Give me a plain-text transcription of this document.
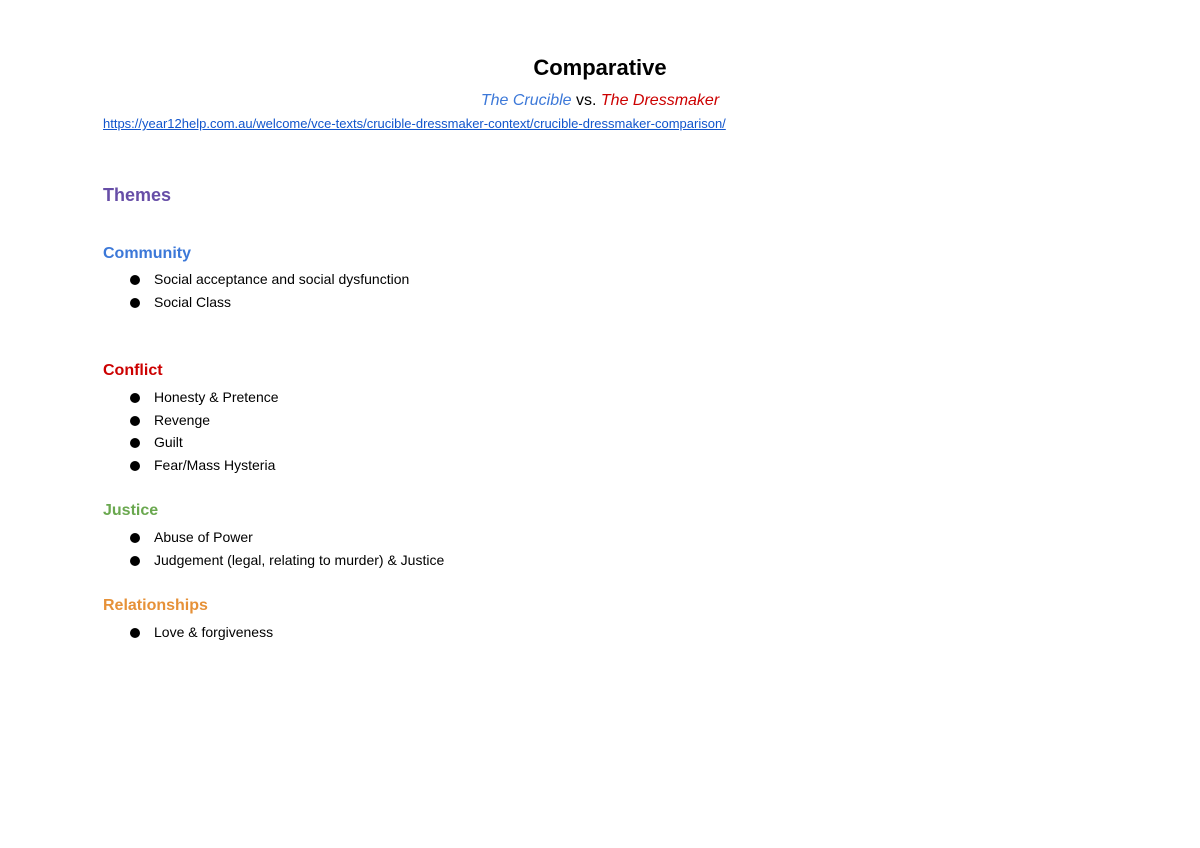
Comparative
The Crucible vs. The Dressmaker
https://year12help.com.au/welcome/vce-texts/crucible-dressmaker-context/crucible-dressmaker-comparison/
Themes
Community
Social acceptance and social dysfunction
Social Class
Conflict
Honesty & Pretence
Revenge
Guilt
Fear/Mass Hysteria
Justice
Abuse of Power
Judgement (legal, relating to murder) & Justice
Relationships
Love & forgiveness
